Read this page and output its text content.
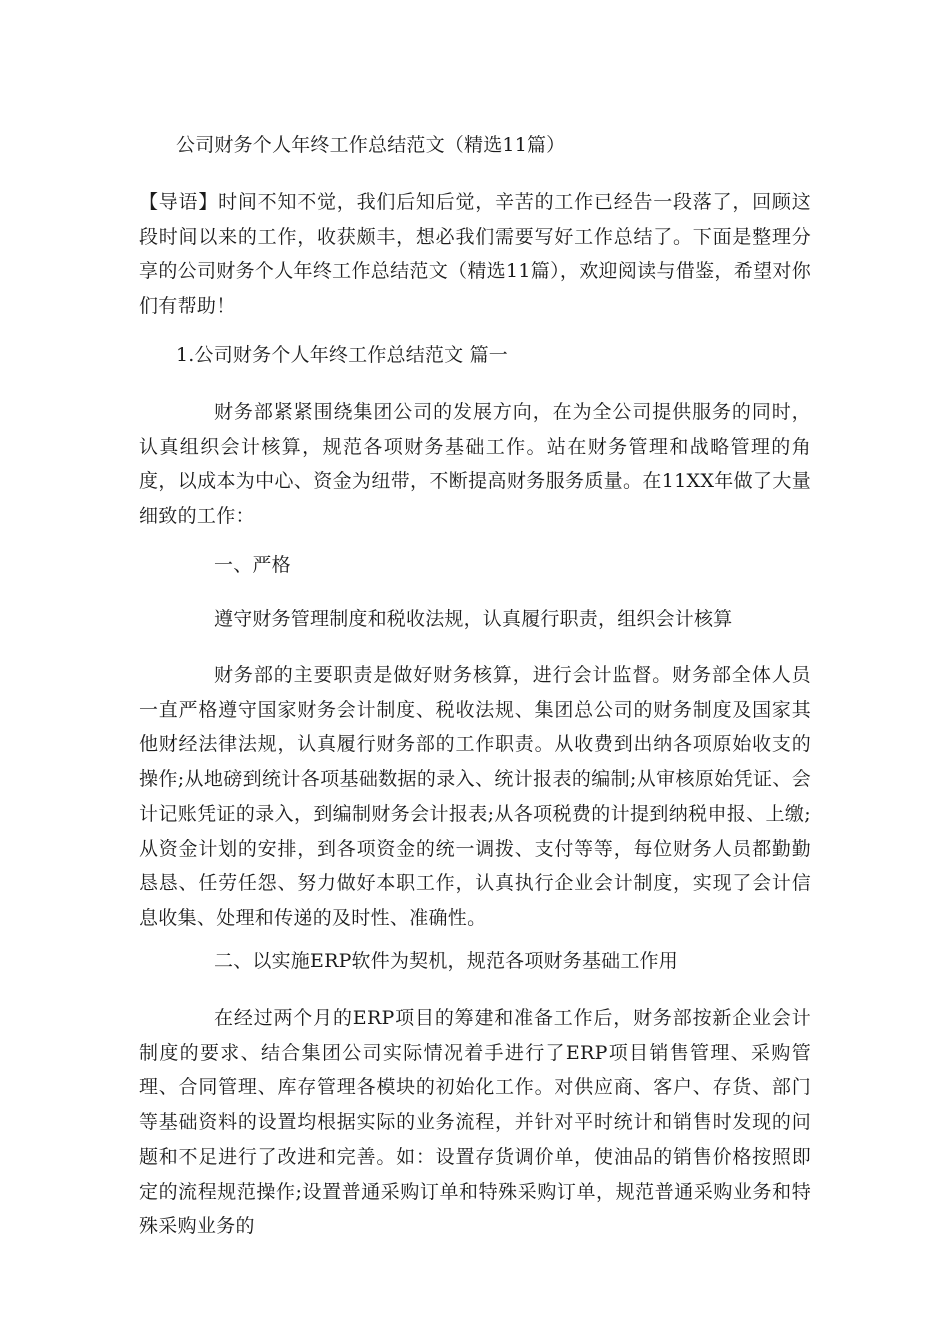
公司财务个人年终工作总结范文（精选11篇）
【导语】时间不知不觉，我们后知后觉，辛苦的工作已经告一段落了，回顾这段时间以来的工作，收获颇丰，想必我们需要写好工作总结了。下面是整理分享的公司财务个人年终工作总结范文（精选11篇），欢迎阅读与借鉴，希望对你们有帮助！
1.公司财务个人年终工作总结范文 篇一
财务部紧紧围绕集团公司的发展方向，在为全公司提供服务的同时，认真组织会计核算，规范各项财务基础工作。站在财务管理和战略管理的角度，以成本为中心、资金为纽带，不断提高财务服务质量。在11XX年做了大量细致的工作：
一、严格
遵守财务管理制度和税收法规，认真履行职责，组织会计核算
财务部的主要职责是做好财务核算，进行会计监督。财务部全体人员一直严格遵守国家财务会计制度、税收法规、集团总公司的财务制度及国家其他财经法律法规，认真履行财务部的工作职责。从收费到出纳各项原始收支的操作;从地磅到统计各项基础数据的录入、统计报表的编制;从审核原始凭证、会计记账凭证的录入，到编制财务会计报表;从各项税费的计提到纳税申报、上缴;从资金计划的安排，到各项资金的统一调拨、支付等等，每位财务人员都勤勤恳恳、任劳任怨、努力做好本职工作，认真执行企业会计制度，实现了会计信息收集、处理和传递的及时性、准确性。
二、以实施ERP软件为契机，规范各项财务基础工作用
在经过两个月的ERP项目的筹建和准备工作后，财务部按新企业会计制度的要求、结合集团公司实际情况着手进行了ERP项目销售管理、采购管理、合同管理、库存管理各模块的初始化工作。对供应商、客户、存货、部门等基础资料的设置均根据实际的业务流程，并针对平时统计和销售时发现的问题和不足进行了改进和完善。如：设置存货调价单，使油品的销售价格按照即定的流程规范操作;设置普通采购订单和特殊采购订单，规范普通采购业务和特殊采购业务的
